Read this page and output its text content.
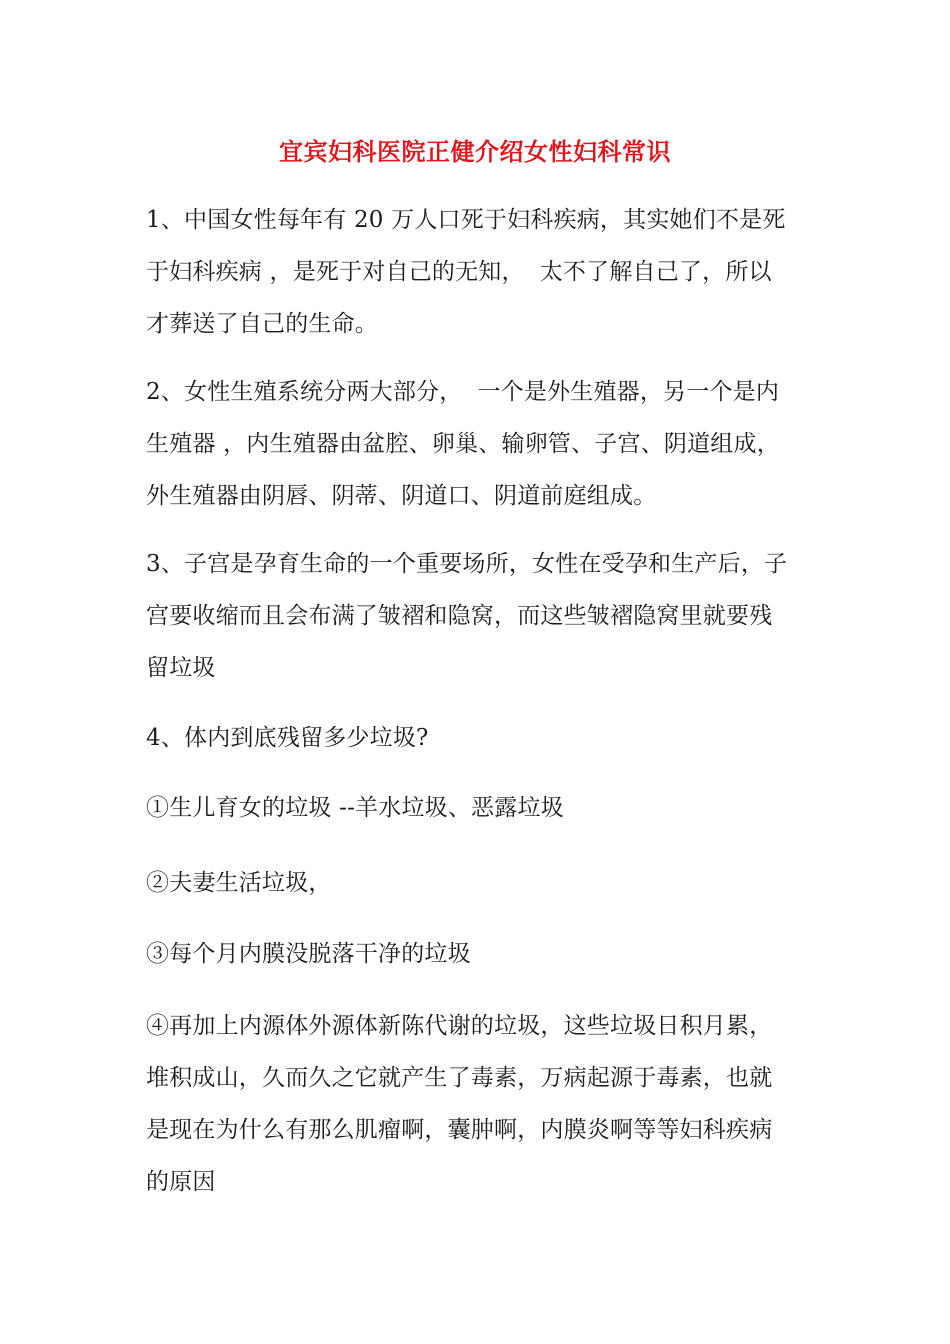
宜宾妇科医院正健介绍女性妇科常识
1、中国女性每年有 20 万人口死于妇科疾病，其实她们不是死
于妇科疾病 ，是死于对自己的无知，  太不了解自己了，所以
才葬送了自己的生命。
2、女性生殖系统分两大部分，  一个是外生殖器，另一个是内
生殖器 ，内生殖器由盆腔、卵巢、输卵管、子宫、阴道组成，
外生殖器由阴唇、阴蒂、阴道口、阴道前庭组成。
3、子宫是孕育生命的一个重要场所，女性在受孕和生产后，子
宫要收缩而且会布满了皱褶和隐窝，而这些皱褶隐窝里就要残
留垃圾
4、体内到底残留多少垃圾?
①生儿育女的垃圾 --羊水垃圾、恶露垃圾
②夫妻生活垃圾，
③每个月内膜没脱落干净的垃圾
④再加上内源体外源体新陈代谢的垃圾，这些垃圾日积月累，
堆积成山，久而久之它就产生了毒素，万病起源于毒素，也就
是现在为什么有那么肌瘤啊，囊肿啊，内膜炎啊等等妇科疾病
的原因
